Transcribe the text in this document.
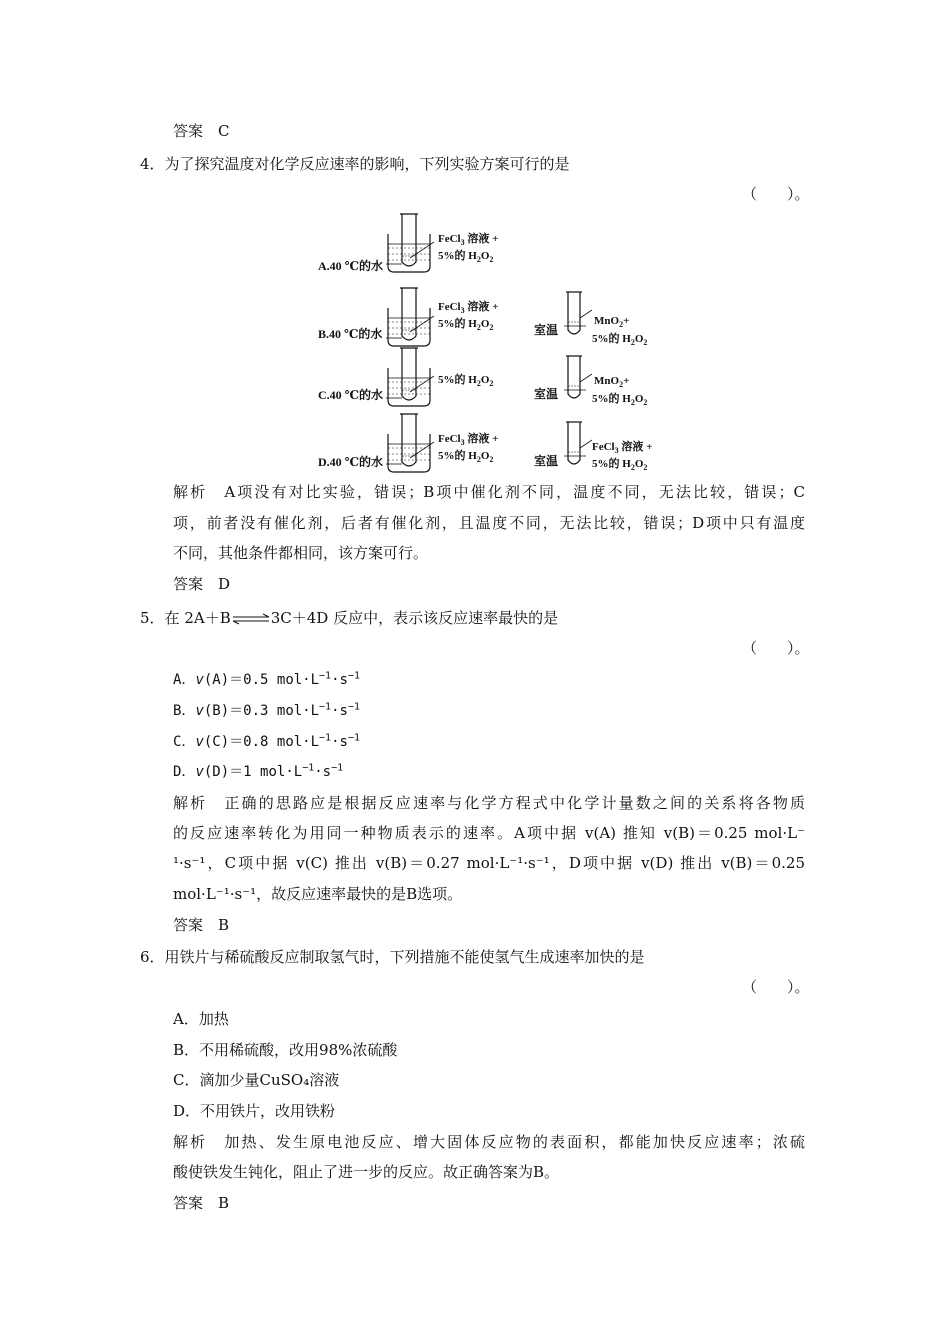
答案　C
4．为了探究温度对化学反应速率的影响，下列实验方案可行的是
（　　）。
A.40 ℃的水
FeCl$_3$ 溶液 +
5%的 $H_2O_2$
B.40 ℃的水
FeCl$_3$ 溶液 +
5%的 $H_2O_2$	室温
MnO$_2$+
5%的 $H_2O_2$
C.40 ℃的水
5%的 $H_2O_2$
室温
MnO$_2$+
5%的 $H_2O_2$
D.40 ℃的水
FeCl$_3$ 溶液 +
5%的 $H_2O_2$	室温
FeCl$_3$ 溶液 +
5%的 $H_2O_2$
解析　A项没有对比实验，错误；B项中催化剂不同，温度不同，无法比较，错误；C
项，前者没有催化剂，后者有催化剂，且温度不同，无法比较，错误；D项中只有温度
不同，其他条件都相同，该方案可行。
答案　D
5．在 2A＋B⇌3C＋4D 反应中，表示该反应速率最快的是
（　　）。
A．v(A)＝0.5 $mol\cdot L^{-1}\cdot s^{-1}$
B．v(B)＝0.3 $mol\cdot L^{-1}\cdot s^{-1}$
C．v(C)＝0.8 $mol\cdot L^{-1}\cdot s^{-1}$
D．v(D)＝1 $mol\cdot L^{-1}\cdot s^{-1}$
解析　正确的思路应是根据反应速率与化学方程式中化学计量数之间的关系将各物质
的反应速率转化为用同一种物质表示的速率。A项中据 v(A) 推知 v(B)＝0.25 mol·L⁻
¹·s⁻¹，C项中据 v(C) 推出 v(B)＝0.27 mol·L⁻¹·s⁻¹，D项中据 v(D) 推出 v(B)＝0.25
mol·L⁻¹·s⁻¹，故反应速率最快的是B选项。
答案　B
6．用铁片与稀硫酸反应制取氢气时，下列措施不能使氢气生成速率加快的是
（　　）。
A．加热
B．不用稀硫酸，改用98%浓硫酸
C．滴加少量CuSO₄溶液
D．不用铁片，改用铁粉
解析　加热、发生原电池反应、增大固体反应物的表面积，都能加快反应速率；浓硫
酸使铁发生钝化，阻止了进一步的反应。故正确答案为B。
答案　B
